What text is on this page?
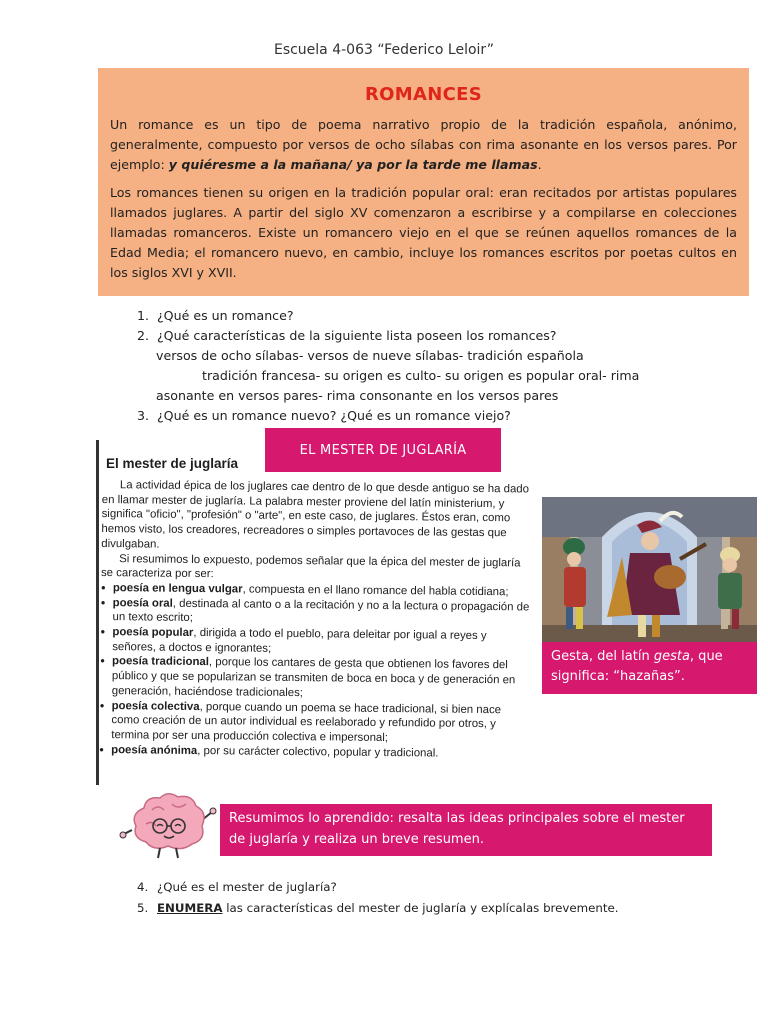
Escuela 4-063 “Federico Leloir”
ROMANCES

Un romance es un tipo de poema narrativo propio de la tradición española, anónimo, generalmente, compuesto por versos de ocho sílabas con rima asonante en los versos pares. Por ejemplo: y quiéresme a la mañana/ ya por la tarde me llamas.

Los romances tienen su origen en la tradición popular oral: eran recitados por artistas populares llamados juglares. A partir del siglo XV comenzaron a escribirse y a compilarse en colecciones llamadas romanceros. Existe un romancero viejo en el que se reúnen aquellos romances de la Edad Media; el romancero nuevo, en cambio, incluye los romances escritos por poetas cultos en los siglos XVI y XVII.

1. ¿Qué es un romance?
2. ¿Qué características de la siguiente lista poseen los romances?
versos de ocho sílabas- versos de nueve sílabas- tradición española
tradición francesa- su origen es culto- su origen es popular oral- rima
asonante en versos pares- rima consonante en los versos pares
3. ¿Qué es un romance nuevo? ¿Qué es un romance viejo?
El mester de juglaría

La actividad épica de los juglares cae dentro de lo que desde antiguo se ha dado en llamar mester de juglaría. La palabra mester proviene del latín ministerium, y significa "oficio", "profesión" o "arte", en este caso, de juglares. Éstos eran, como hemos visto, los creadores, recreadores o simples portavoces de las gestas que divulgaban.

Si resumimos lo expuesto, podemos señalar que la épica del mester de juglaría se caracteriza por ser:

● poesía en lengua vulgar, compuesta en el llano romance del habla cotidiana;
● poesía oral, destinada al canto o a la recitación y no a la lectura o propagación de un texto escrito;
● poesía popular, dirigida a todo el pueblo, para deleitar por igual a reyes y señores, a doctos e ignorantes;
● poesía tradicional, porque los cantares de gesta que obtienen los favores del público y que se popularizan se transmiten de boca en boca y de generación en generación, haciéndose tradicionales;
● poesía colectiva, porque cuando un poema se hace tradicional, si bien nace como creación de un autor individual es reelaborado y refundido por otros, y termina por ser una producción colectiva e impersonal;
● poesía anónima, por su carácter colectivo, popular y tradicional.
EL MESTER DE JUGLARÍA
Gesta, del latín gesta, que significa: “hazañas”.
Resumimos lo aprendido: resalta las ideas principales sobre el mester de juglaría y realiza un breve resumen.
4. ¿Qué es el mester de juglaría?
5. ENUMERA las características del mester de juglaría y explícalas brevemente.
